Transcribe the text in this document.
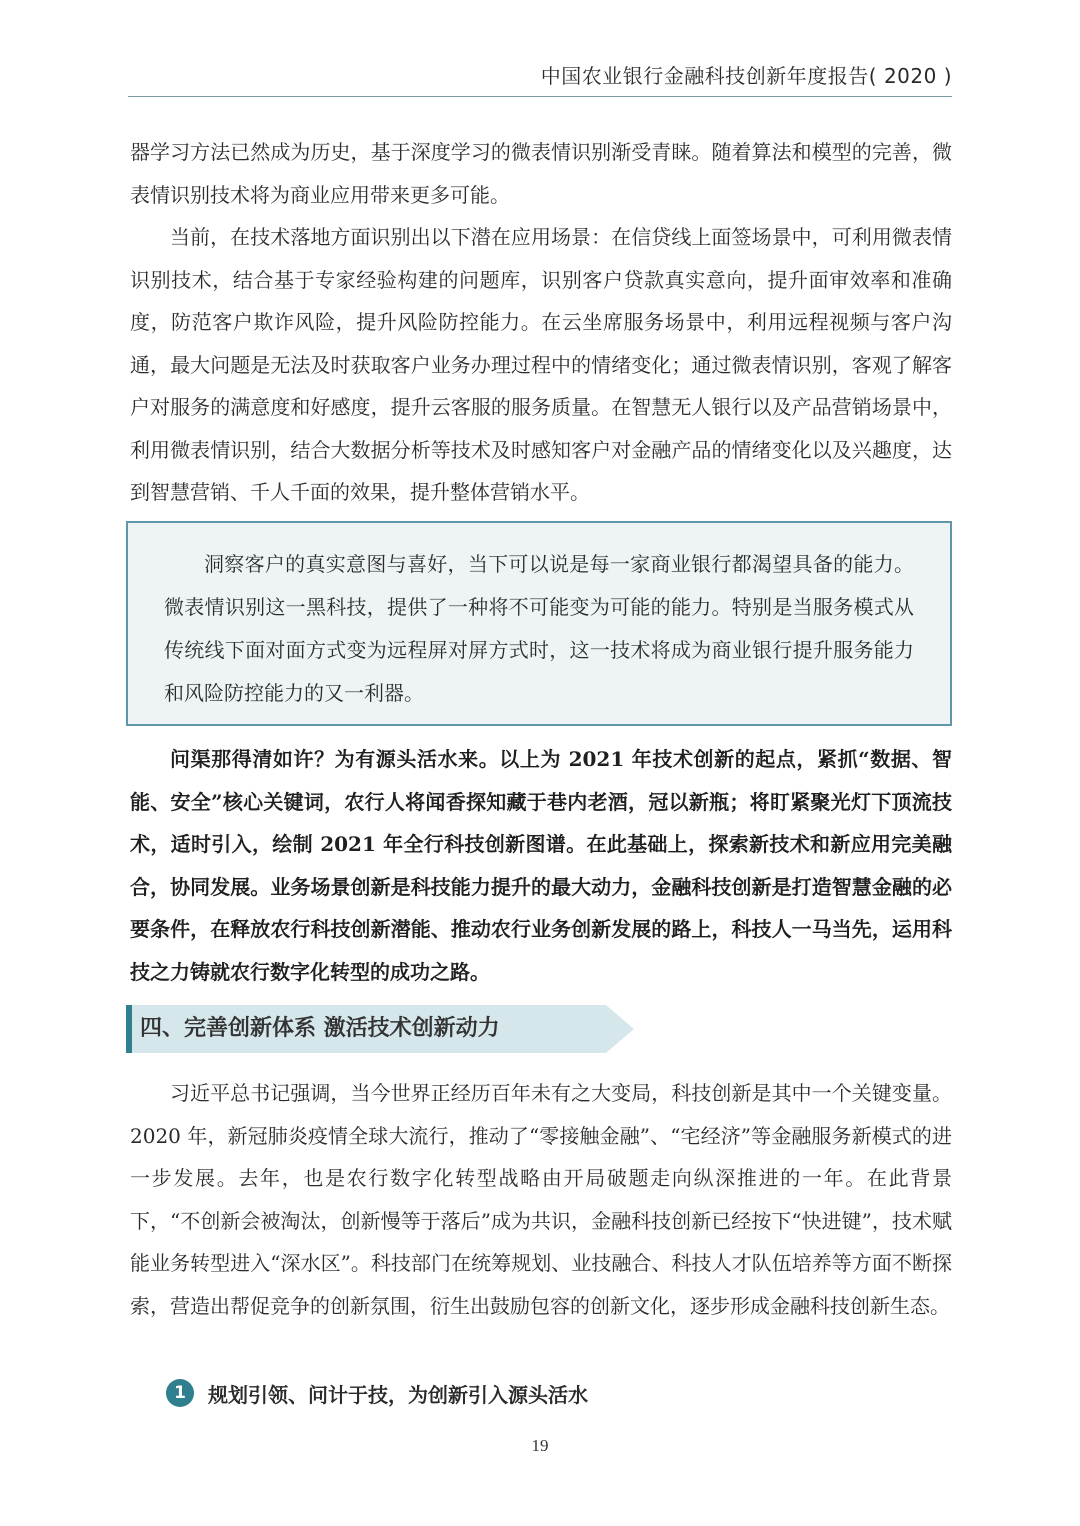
中国农业银行金融科技创新年度报告( 2020 )

器学习方法已然成为历史，基于深度学习的微表情识别渐受青睐。随着算法和模型的完善，微表情识别技术将为商业应用带来更多可能。

当前，在技术落地方面识别出以下潜在应用场景：在信贷线上面签场景中，可利用微表情识别技术，结合基于专家经验构建的问题库，识别客户贷款真实意向，提升面审效率和准确度，防范客户欺诈风险，提升风险防控能力。在云坐席服务场景中，利用远程视频与客户沟通，最大问题是无法及时获取客户业务办理过程中的情绪变化；通过微表情识别，客观了解客户对服务的满意度和好感度，提升云客服的服务质量。在智慧无人银行以及产品营销场景中，利用微表情识别，结合大数据分析等技术及时感知客户对金融产品的情绪变化以及兴趣度，达到智慧营销、千人千面的效果，提升整体营销水平。

洞察客户的真实意图与喜好，当下可以说是每一家商业银行都渴望具备的能力。微表情识别这一黑科技，提供了一种将不可能变为可能的能力。特别是当服务模式从传统线下面对面方式变为远程屏对屏方式时，这一技术将成为商业银行提升服务能力和风险防控能力的又一利器。

问渠那得清如许？为有源头活水来。以上为 2021 年技术创新的起点，紧抓“数据、智能、安全”核心关键词，农行人将闻香探知藏于巷内老酒，冠以新瓶；将盯紧聚光灯下顶流技术，适时引入，绘制 2021 年全行科技创新图谱。在此基础上，探索新技术和新应用完美融合，协同发展。业务场景创新是科技能力提升的最大动力，金融科技创新是打造智慧金融的必要条件，在释放农行科技创新潜能、推动农行业务创新发展的路上，科技人一马当先，运用科技之力铸就农行数字化转型的成功之路。

四、完善创新体系 激活技术创新动力

习近平总书记强调，当今世界正经历百年未有之大变局，科技创新是其中一个关键变量。2020 年，新冠肺炎疫情全球大流行，推动了“零接触金融”、“宅经济”等金融服务新模式的进一步发展。去年，也是农行数字化转型战略由开局破题走向纵深推进的一年。在此背景下，“不创新会被淘汰，创新慢等于落后”成为共识，金融科技创新已经按下“快进键”，技术赋能业务转型进入“深水区”。科技部门在统筹规划、业技融合、科技人才队伍培养等方面不断探索，营造出帮促竞争的创新氛围，衍生出鼓励包容的创新文化，逐步形成金融科技创新生态。

1	规划引领、问计于技，为创新引入源头活水
19
